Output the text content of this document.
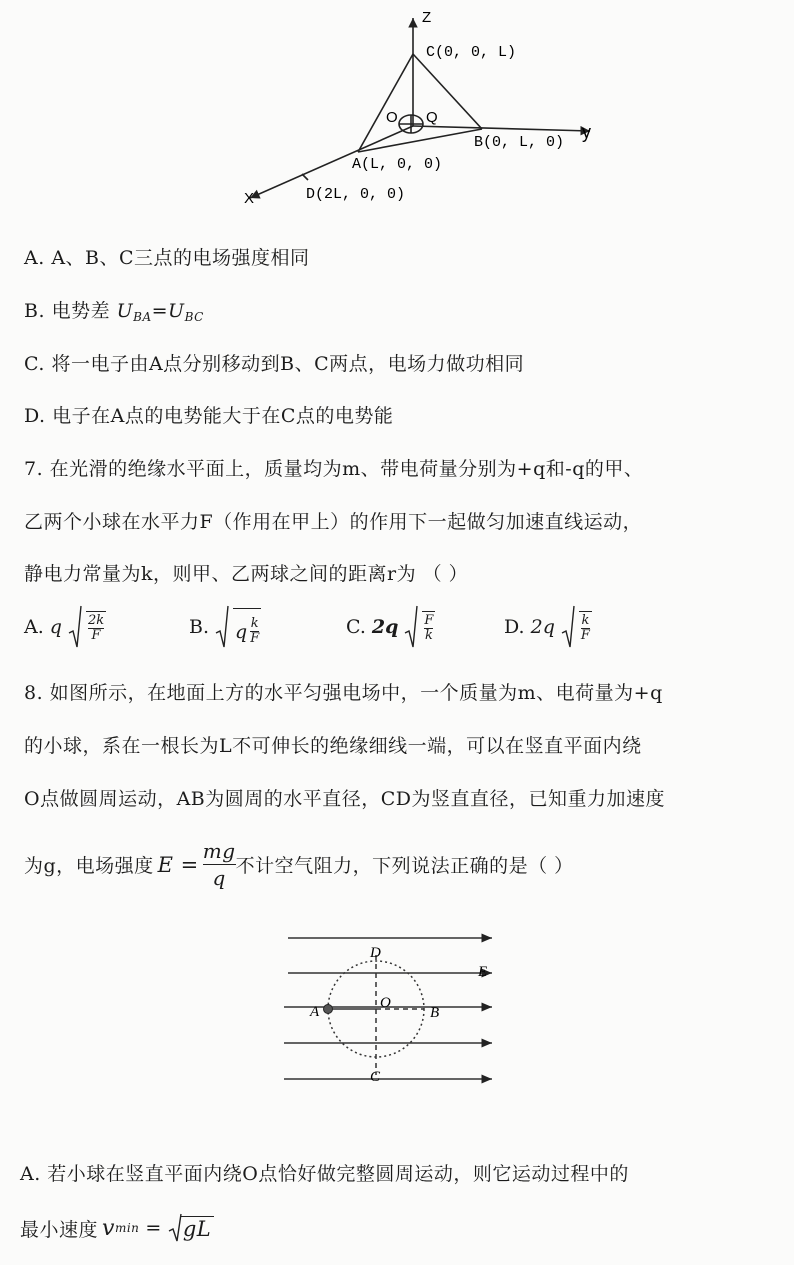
Z
C(0, 0, L)
O Q
B(0, L, 0)
y
A(L, 0, 0)
D(2L, 0, 0)
X
A. A、B、C三点的电场强度相同
B. 电势差 $U_{BA}=U_{BC}$
C. 将一电子由A点分别移动到B、C两点，电场力做功相同
D. 电子在A点的电势能大于在C点的电势能
7. 在光滑的绝缘水平面上，质量均为m、带电荷量分别为+q和-q的甲、
乙两个小球在水平力F（作用在甲上）的作用下一起做匀加速直线运动，
静电力常量为k，则甲、乙两球之间的距离r为 （ ）
A. q $\frac{2k}{F}$	B. q $\frac{k}{F}$	C. $2q \frac{F}{k}$	D. $2q \frac{k}{F}$
8. 如图所示，在地面上方的水平匀强电场中，一个质量为m、电荷量为+q
的小球，系在一根长为L不可伸长的绝缘细线一端，可以在竖直平面内绕
O点做圆周运动，AB为圆周的水平直径，CD为竖直直径，已知重力加速度
为g，电场强度 E =
mg
q 不计空气阻力，下列说法正确的是（ ）
D
E
A
O
B
C
A. 若小球在竖直平面内绕O点恰好做完整圆周运动，则它运动过程中的
最小速度 v min = gL
